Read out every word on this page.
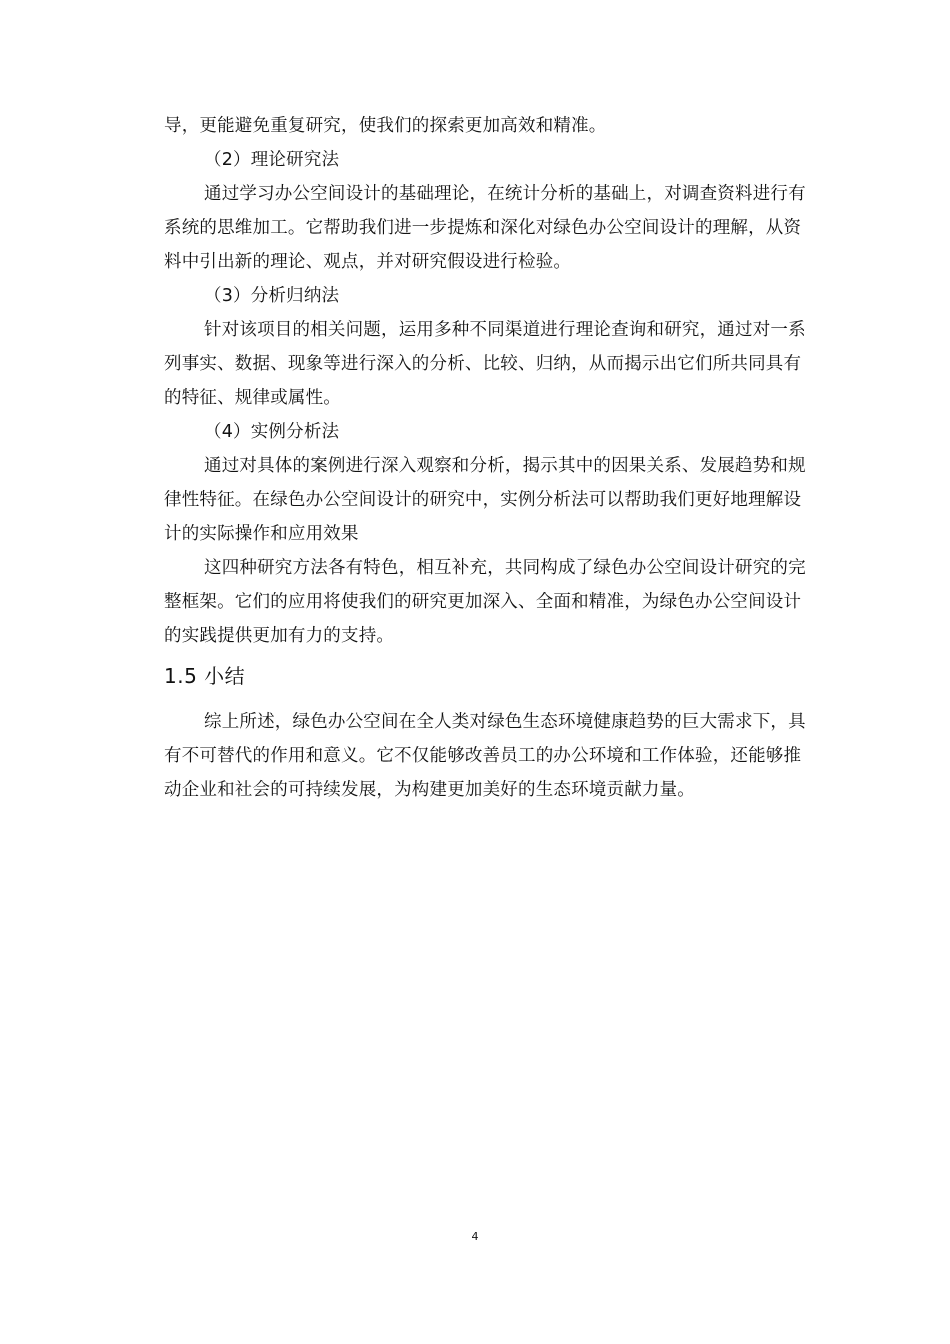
导，更能避免重复研究，使我们的探索更加高效和精准。
（2）理论研究法
通过学习办公空间设计的基础理论，在统计分析的基础上，对调查资料进行有
系统的思维加工。它帮助我们进一步提炼和深化对绿色办公空间设计的理解，从资
料中引出新的理论、观点，并对研究假设进行检验。
（3）分析归纳法
针对该项目的相关问题，运用多种不同渠道进行理论查询和研究，通过对一系
列事实、数据、现象等进行深入的分析、比较、归纳，从而揭示出它们所共同具有
的特征、规律或属性。
（4）实例分析法
通过对具体的案例进行深入观察和分析，揭示其中的因果关系、发展趋势和规
律性特征。在绿色办公空间设计的研究中，实例分析法可以帮助我们更好地理解设
计的实际操作和应用效果
这四种研究方法各有特色，相互补充，共同构成了绿色办公空间设计研究的完
整框架。它们的应用将使我们的研究更加深入、全面和精准，为绿色办公空间设计
的实践提供更加有力的支持。
1.5 小结
综上所述，绿色办公空间在全人类对绿色生态环境健康趋势的巨大需求下，具
有不可替代的作用和意义。它不仅能够改善员工的办公环境和工作体验，还能够推
动企业和社会的可持续发展，为构建更加美好的生态环境贡献力量。
4
